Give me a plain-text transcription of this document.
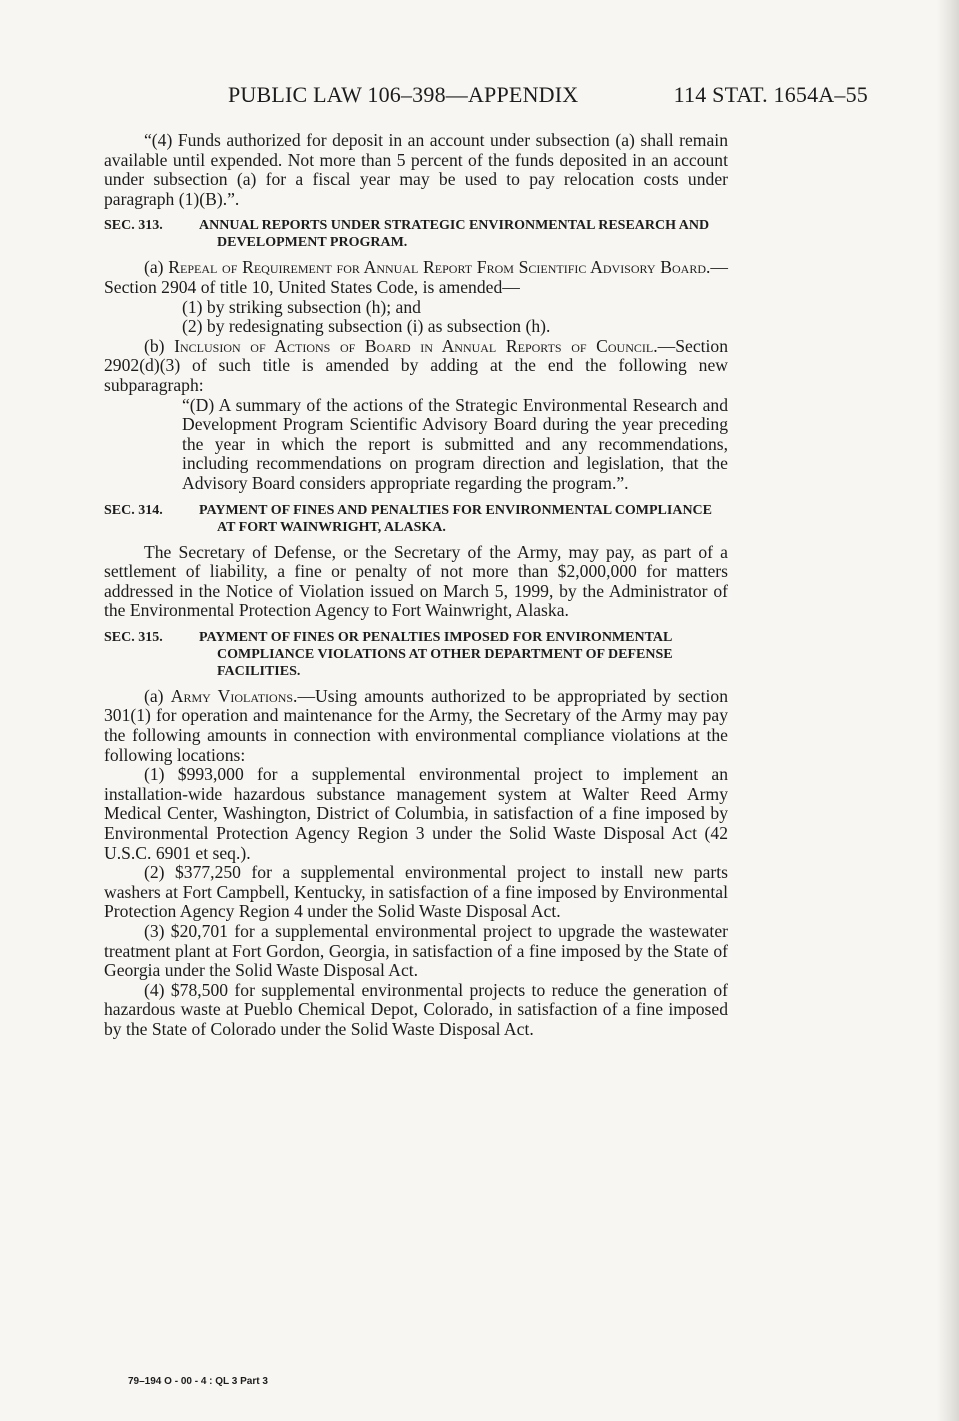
PUBLIC LAW 106–398—APPENDIX	114 STAT. 1654A–55

“(4) Funds authorized for deposit in an account under subsection (a) shall remain available until expended. Not more than 5 percent of the funds deposited in an account under subsection (a) for a fiscal year may be used to pay relocation costs under paragraph (1)(B).”.

SEC. 313.	ANNUAL REPORTS UNDER STRATEGIC ENVIRONMENTAL RESEARCH AND DEVELOPMENT PROGRAM.

(a) Repeal of Requirement for Annual Report From Scientific Advisory Board.—Section 2904 of title 10, United States Code, is amended—

(1) by striking subsection (h); and

(2) by redesignating subsection (i) as subsection (h).

(b) Inclusion of Actions of Board in Annual Reports of Council.—Section 2902(d)(3) of such title is amended by adding at the end the following new subparagraph:

“(D) A summary of the actions of the Strategic Environmental Research and Development Program Scientific Advisory Board during the year preceding the year in which the report is submitted and any recommendations, including recommendations on program direction and legislation, that the Advisory Board considers appropriate regarding the program.”.

SEC. 314.	PAYMENT OF FINES AND PENALTIES FOR ENVIRONMENTAL COMPLIANCE AT FORT WAINWRIGHT, ALASKA.

The Secretary of Defense, or the Secretary of the Army, may pay, as part of a settlement of liability, a fine or penalty of not more than $2,000,000 for matters addressed in the Notice of Violation issued on March 5, 1999, by the Administrator of the Environmental Protection Agency to Fort Wainwright, Alaska.

SEC. 315.	PAYMENT OF FINES OR PENALTIES IMPOSED FOR ENVIRONMENTAL COMPLIANCE VIOLATIONS AT OTHER DEPARTMENT OF DEFENSE FACILITIES.

(a) Army Violations.—Using amounts authorized to be appropriated by section 301(1) for operation and maintenance for the Army, the Secretary of the Army may pay the following amounts in connection with environmental compliance violations at the following locations:

(1) $993,000 for a supplemental environmental project to implement an installation-wide hazardous substance management system at Walter Reed Army Medical Center, Washington, District of Columbia, in satisfaction of a fine imposed by Environmental Protection Agency Region 3 under the Solid Waste Disposal Act (42 U.S.C. 6901 et seq.).

(2) $377,250 for a supplemental environmental project to install new parts washers at Fort Campbell, Kentucky, in satisfaction of a fine imposed by Environmental Protection Agency Region 4 under the Solid Waste Disposal Act.

(3) $20,701 for a supplemental environmental project to upgrade the wastewater treatment plant at Fort Gordon, Georgia, in satisfaction of a fine imposed by the State of Georgia under the Solid Waste Disposal Act.

(4) $78,500 for supplemental environmental projects to reduce the generation of hazardous waste at Pueblo Chemical Depot, Colorado, in satisfaction of a fine imposed by the State of Colorado under the Solid Waste Disposal Act.

79–194 O - 00 - 4 : QL 3 Part 3
